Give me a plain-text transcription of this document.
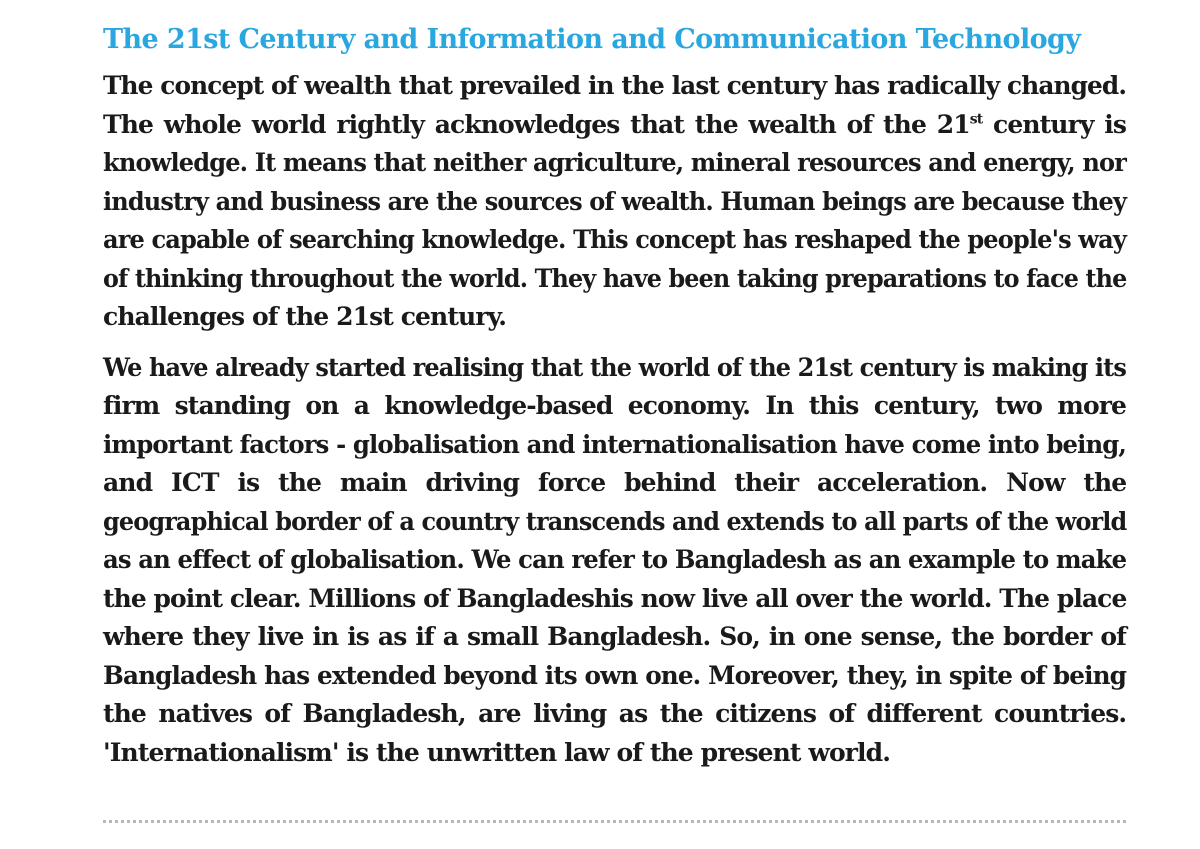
The 21st Century and Information and Communication Technology
The concept of wealth that prevailed in the last century has radically changed.
The whole world rightly acknowledges that the wealth of the 21st century is
knowledge. It means that neither agriculture, mineral resources and energy, nor
industry and business are the sources of wealth. Human beings are because they
are capable of searching knowledge. This concept has reshaped the people's way
of thinking throughout the world. They have been taking preparations to face the
challenges of the 21st century.
We have already started realising that the world of the 21st century is making its
firm standing on a knowledge-based economy. In this century, two more
important factors - globalisation and internationalisation have come into being,
and ICT is the main driving force behind their acceleration. Now the
geographical border of a country transcends and extends to all parts of the world
as an effect of globalisation. We can refer to Bangladesh as an example to make
the point clear. Millions of Bangladeshis now live all over the world. The place
where they live in is as if a small Bangladesh. So, in one sense, the border of
Bangladesh has extended beyond its own one. Moreover, they, in spite of being
the natives of Bangladesh, are living as the citizens of different countries.
'Internationalism' is the unwritten law of the present world.
